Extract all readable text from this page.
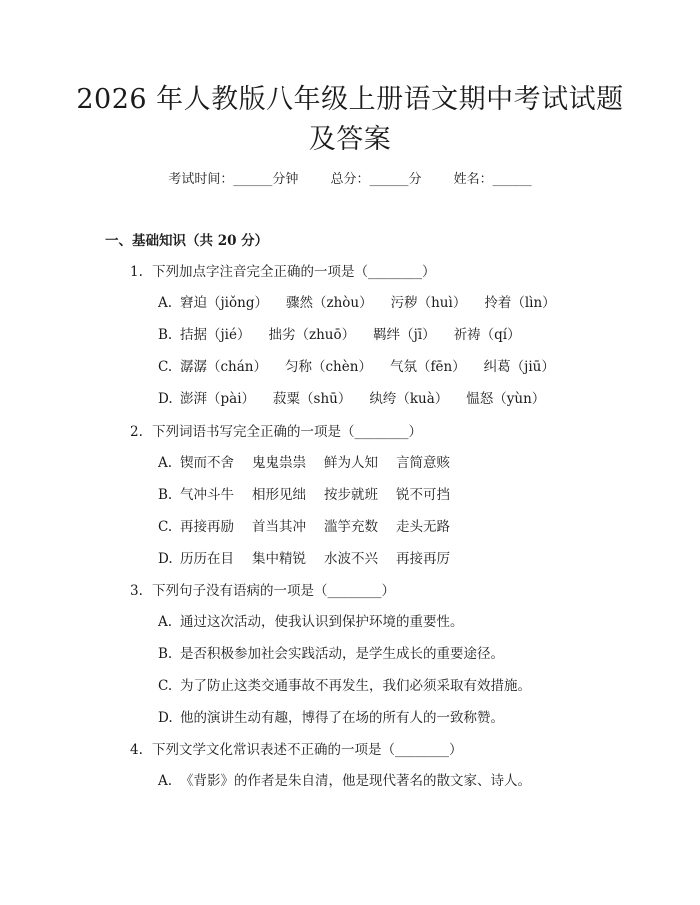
2026 年人教版八年级上册语文期中考试试题
及答案
考试时间：______分钟 总分：______分 姓名：______
一、基础知识（共 20 分）
1. 下列加点字注音完全正确的一项是（________）
A. 窘迫（jiǒng） 骤然（zhòu） 污秽（huì） 拎着（lìn）
B. 拮据（jié） 拙劣（zhuō） 羁绊（jī） 祈祷（qí）
C. 潺潺（chán） 匀称（chèn） 气氛（fēn） 纠葛（jiū）
D. 澎湃（pài） 菽粟（shū） 纨绔（kuà） 愠怒（yùn）
2. 下列词语书写完全正确的一项是（________）
A. 锲而不舍 鬼鬼祟祟 鲜为人知 言简意赅
B. 气冲斗牛 相形见绌 按步就班 锐不可挡
C. 再接再励 首当其冲 滥竽充数 走头无路
D. 历历在目 集中精锐 水波不兴 再接再厉
3. 下列句子没有语病的一项是（________）
A. 通过这次活动，使我认识到保护环境的重要性。
B. 是否积极参加社会实践活动，是学生成长的重要途径。
C. 为了防止这类交通事故不再发生，我们必须采取有效措施。
D. 他的演讲生动有趣，博得了在场的所有人的一致称赞。
4. 下列文学文化常识表述不正确的一项是（________）
A. 《背影》的作者是朱自清，他是现代著名的散文家、诗人。
